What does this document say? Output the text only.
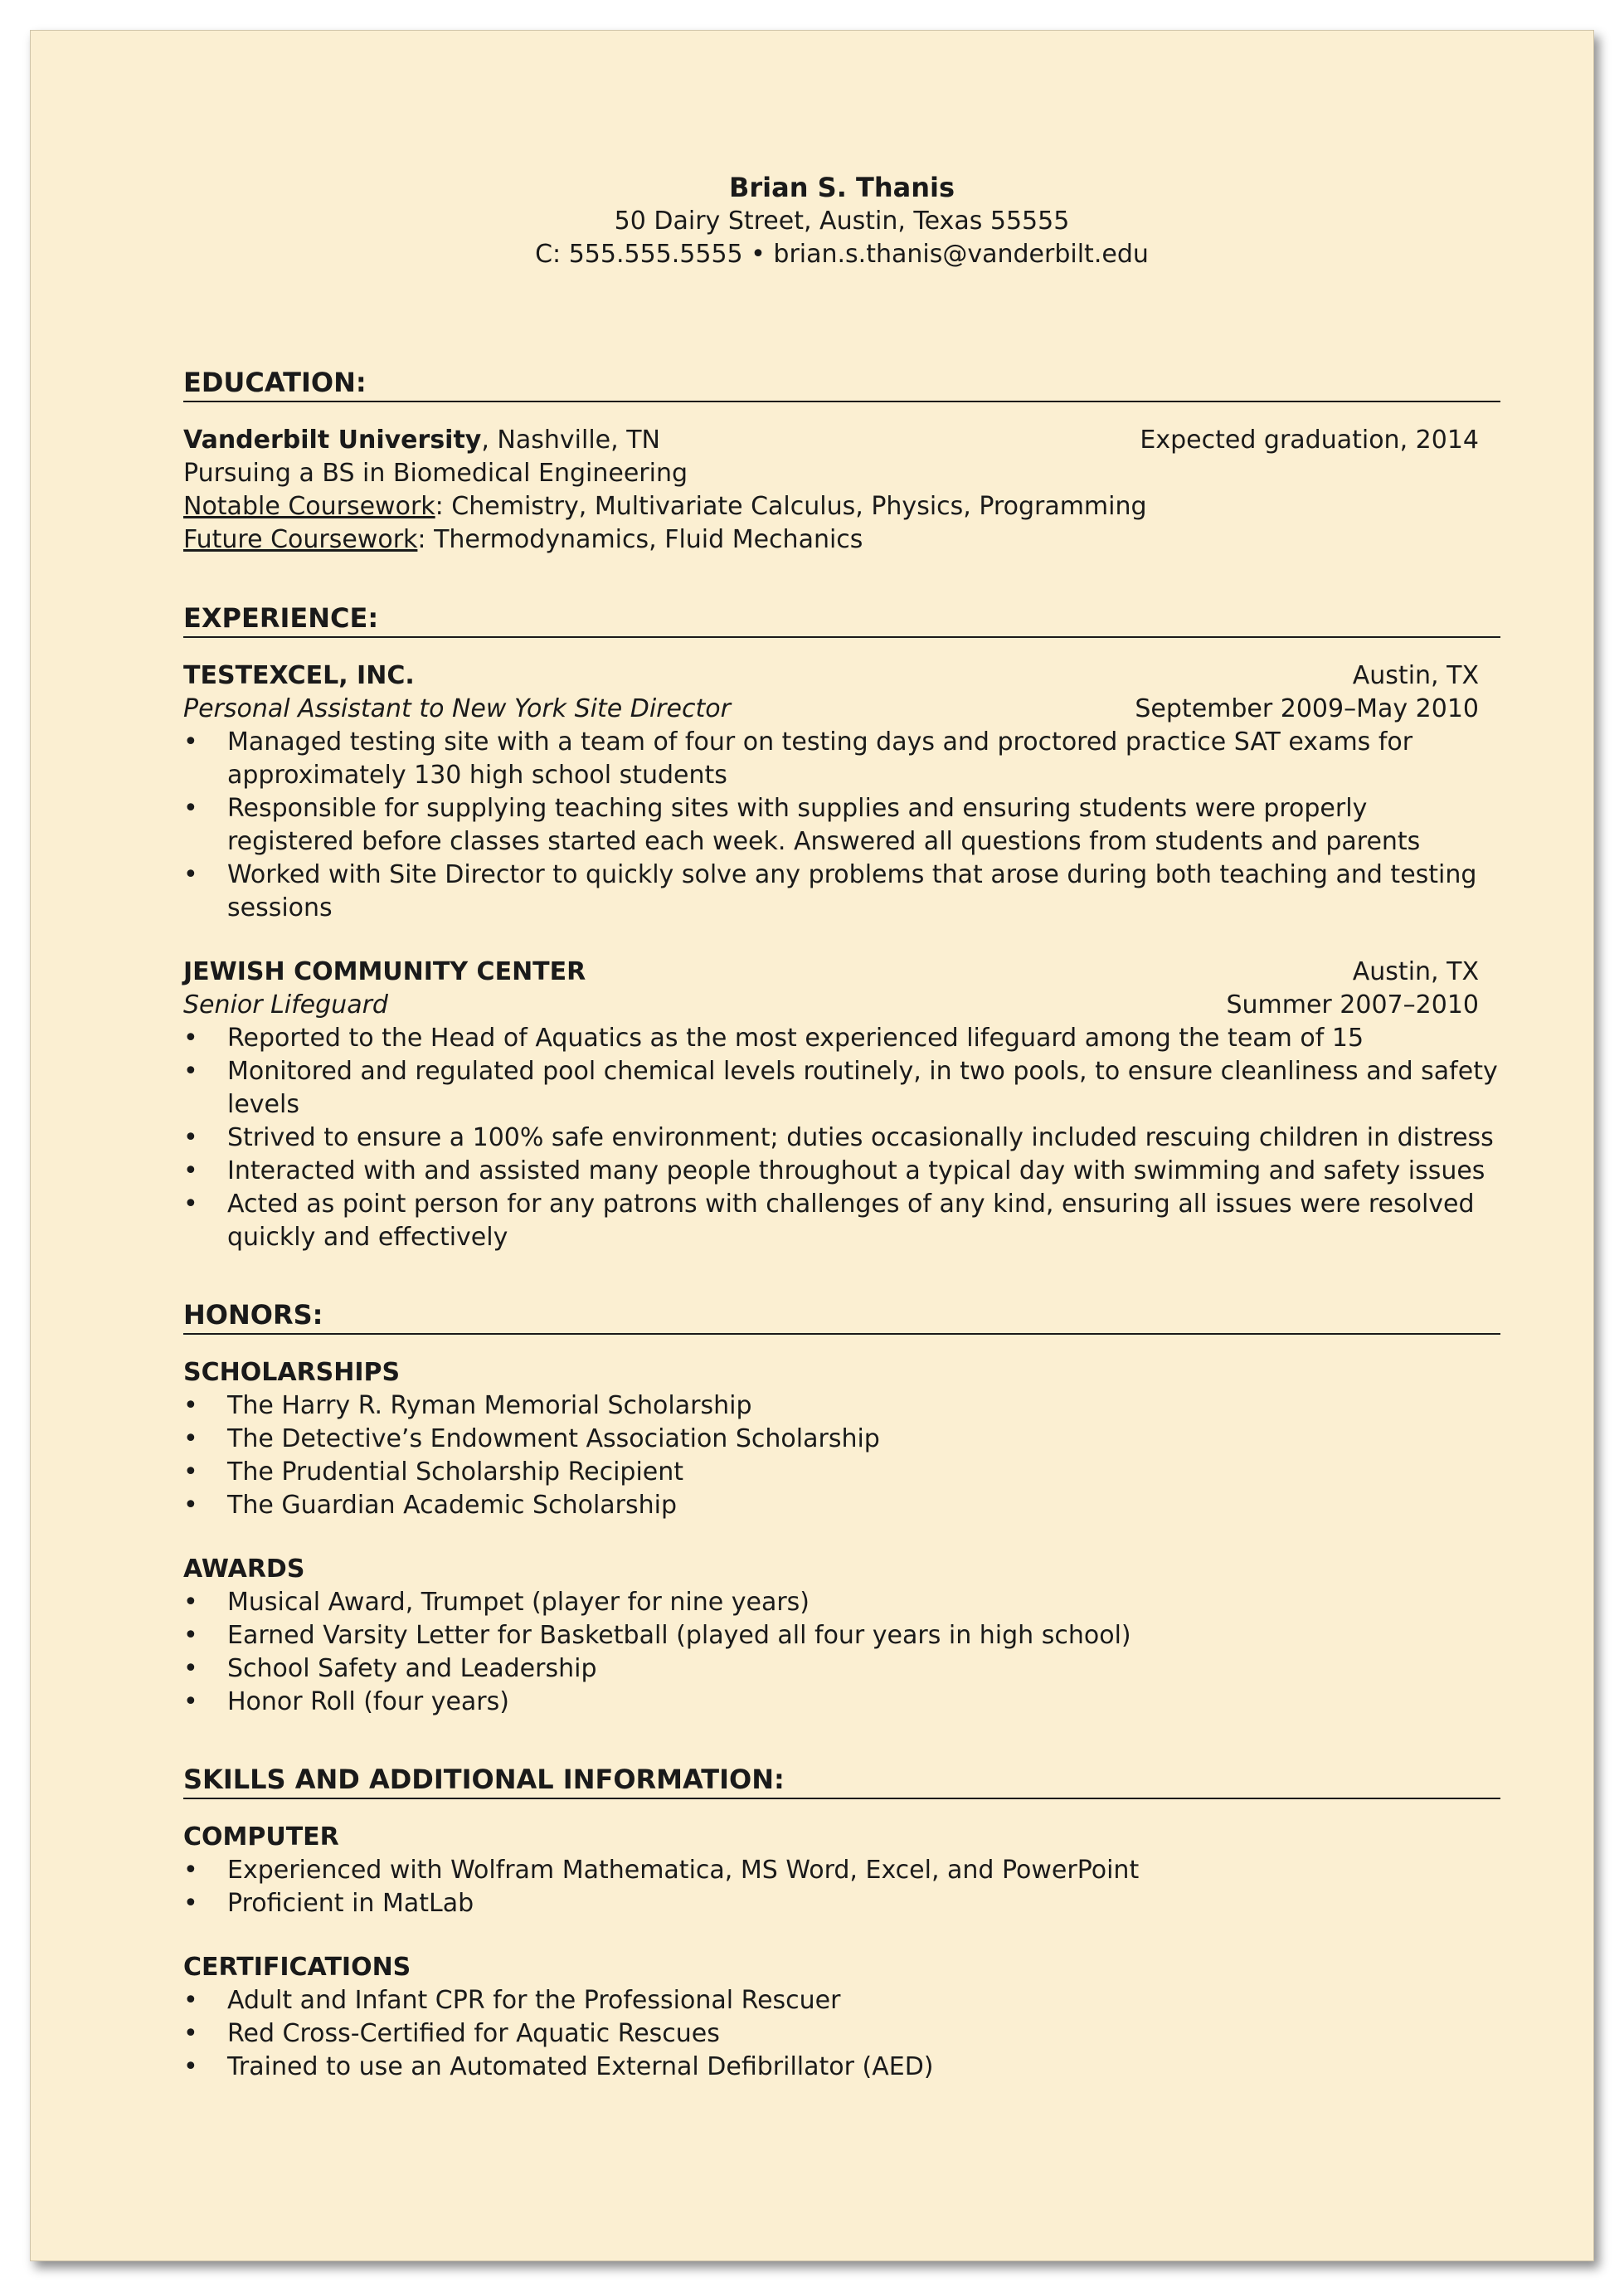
Brian S. Thanis
50 Dairy Street, Austin, Texas 55555
C: 555.555.5555 • brian.s.thanis@vanderbilt.edu
EDUCATION:
Vanderbilt University, Nashville, TN	Expected graduation, 2014
Pursuing a BS in Biomedical Engineering
Notable Coursework: Chemistry, Multivariate Calculus, Physics, Programming
Future Coursework: Thermodynamics, Fluid Mechanics
EXPERIENCE:
TESTEXCEL, INC.	Austin, TX
Personal Assistant to New York Site Director	September 2009–May 2010
• Managed testing site with a team of four on testing days and proctored practice SAT exams for approximately 130 high school students
• Responsible for supplying teaching sites with supplies and ensuring students were properly registered before classes started each week. Answered all questions from students and parents
• Worked with Site Director to quickly solve any problems that arose during both teaching and testing sessions
JEWISH COMMUNITY CENTER	Austin, TX
Senior Lifeguard	Summer 2007–2010
• Reported to the Head of Aquatics as the most experienced lifeguard among the team of 15
• Monitored and regulated pool chemical levels routinely, in two pools, to ensure cleanliness and safety levels
• Strived to ensure a 100% safe environment; duties occasionally included rescuing children in distress
• Interacted with and assisted many people throughout a typical day with swimming and safety issues
• Acted as point person for any patrons with challenges of any kind, ensuring all issues were resolved quickly and effectively
HONORS:
SCHOLARSHIPS
• The Harry R. Ryman Memorial Scholarship
• The Detective’s Endowment Association Scholarship
• The Prudential Scholarship Recipient
• The Guardian Academic Scholarship
AWARDS
• Musical Award, Trumpet (player for nine years)
• Earned Varsity Letter for Basketball (played all four years in high school)
• School Safety and Leadership
• Honor Roll (four years)
SKILLS AND ADDITIONAL INFORMATION:
COMPUTER
• Experienced with Wolfram Mathematica, MS Word, Excel, and PowerPoint
• Proficient in MatLab
CERTIFICATIONS
• Adult and Infant CPR for the Professional Rescuer
• Red Cross-Certified for Aquatic Rescues
• Trained to use an Automated External Defibrillator (AED)
